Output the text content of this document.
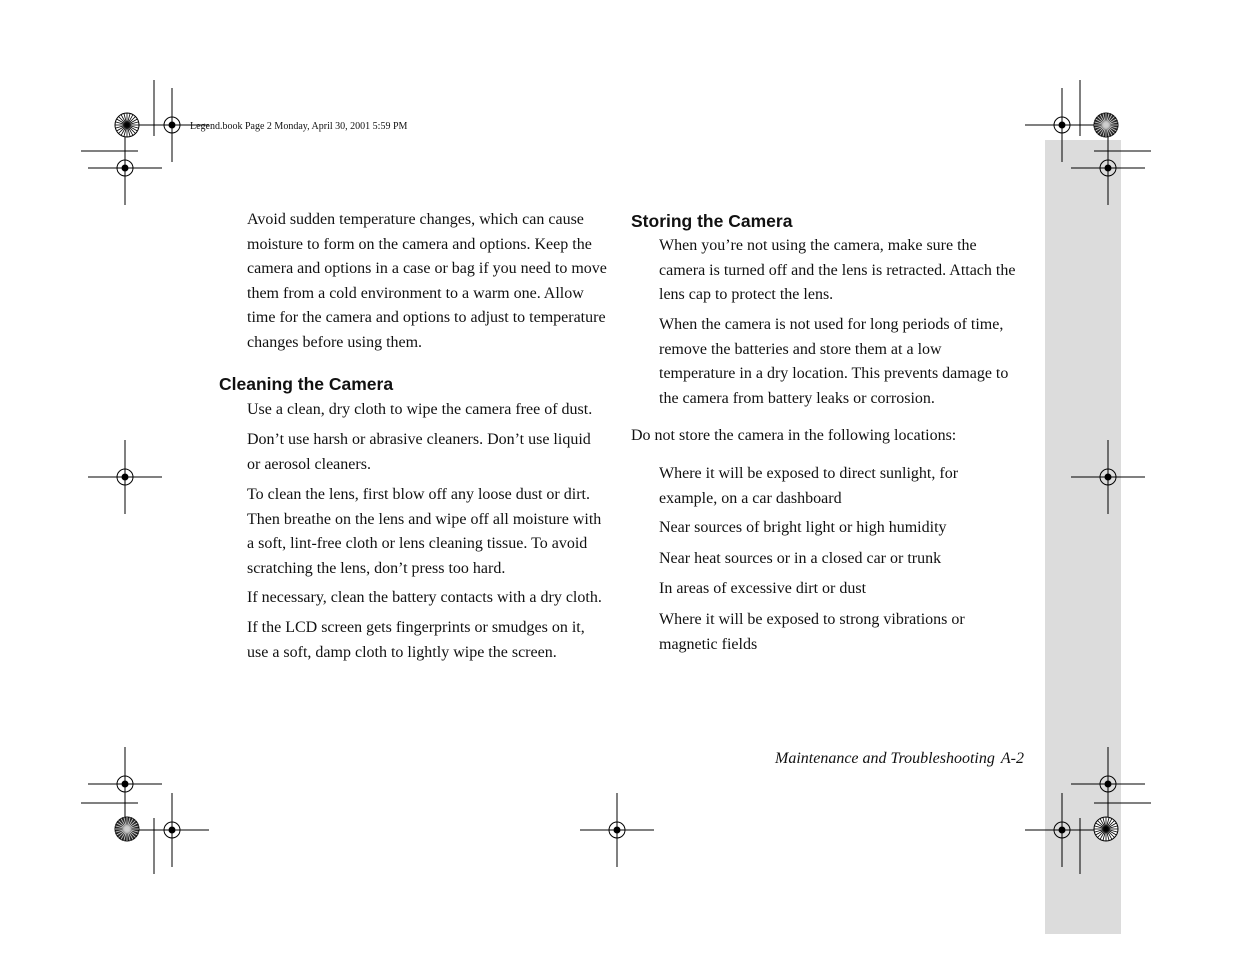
Legend.book Page 2 Monday, April 30, 2001 5:59 PM

Avoid sudden temperature changes, which can cause moisture to form on the camera and options. Keep the camera and options in a case or bag if you need to move them from a cold environment to a warm one. Allow time for the camera and options to adjust to temperature changes before using them.

Cleaning the Camera

Use a clean, dry cloth to wipe the camera free of dust.

Don’t use harsh or abrasive cleaners. Don’t use liquid or aerosol cleaners.

To clean the lens, first blow off any loose dust or dirt. Then breathe on the lens and wipe off all moisture with a soft, lint-free cloth or lens cleaning tissue. To avoid scratching the lens, don’t press too hard.

If necessary, clean the battery contacts with a dry cloth.

If the LCD screen gets fingerprints or smudges on it, use a soft, damp cloth to lightly wipe the screen.

Storing the Camera

When you’re not using the camera, make sure the camera is turned off and the lens is retracted. Attach the lens cap to protect the lens.

When the camera is not used for long periods of time, remove the batteries and store them at a low temperature in a dry location. This prevents damage to the camera from battery leaks or corrosion.

Do not store the camera in the following locations:

Where it will be exposed to direct sunlight, for example, on a car dashboard

Near sources of bright light or high humidity

Near heat sources or in a closed car or trunk

In areas of excessive dirt or dust

Where it will be exposed to strong vibrations or magnetic fields

Maintenance and Troubleshooting A-2
